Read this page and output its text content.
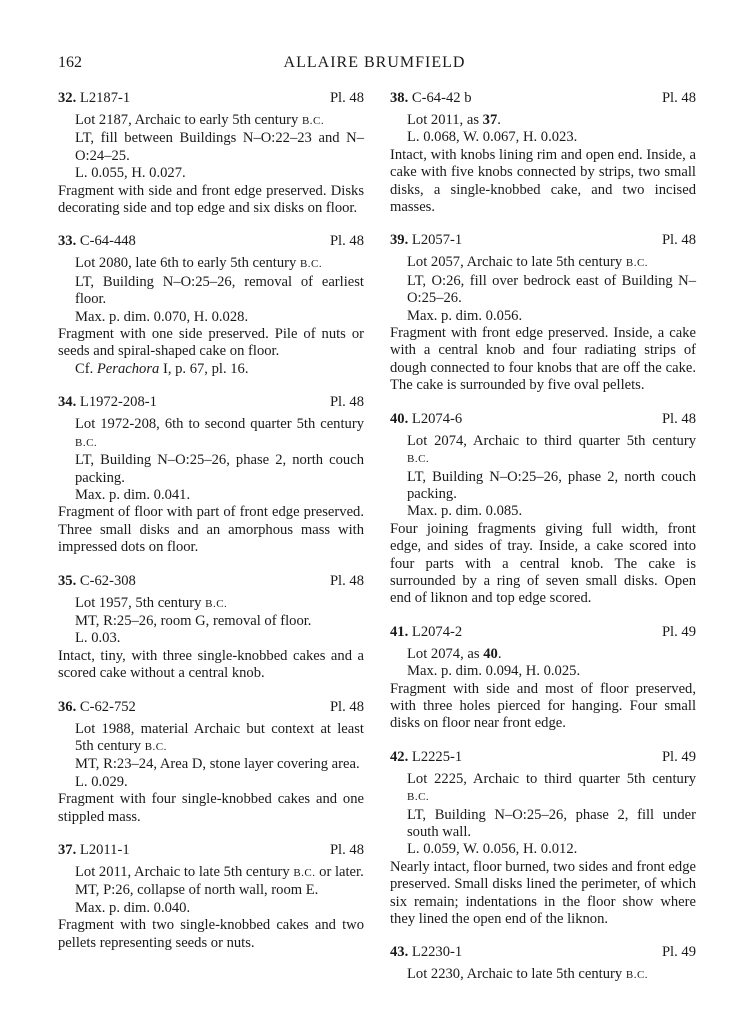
162	ALLAIRE BRUMFIELD
32. L2187-1	Pl. 48
Lot 2187, Archaic to early 5th century B.C.
LT, fill between Buildings N–O:22–23 and N–O:24–25.
L. 0.055, H. 0.027.
Fragment with side and front edge preserved. Disks decorating side and top edge and six disks on floor.
33. C-64-448	Pl. 48
Lot 2080, late 6th to early 5th century B.C.
LT, Building N–O:25–26, removal of earliest floor.
Max. p. dim. 0.070, H. 0.028.
Fragment with one side preserved. Pile of nuts or seeds and spiral-shaped cake on floor.
Cf. Perachora I, p. 67, pl. 16.
34. L1972-208-1	Pl. 48
Lot 1972-208, 6th to second quarter 5th century B.C.
LT, Building N–O:25–26, phase 2, north couch packing.
Max. p. dim. 0.041.
Fragment of floor with part of front edge preserved. Three small disks and an amorphous mass with impressed dots on floor.
35. C-62-308	Pl. 48
Lot 1957, 5th century B.C.
MT, R:25–26, room G, removal of floor.
L. 0.03.
Intact, tiny, with three single-knobbed cakes and a scored cake without a central knob.
36. C-62-752	Pl. 48
Lot 1988, material Archaic but context at least 5th century B.C.
MT, R:23–24, Area D, stone layer covering area.
L. 0.029.
Fragment with four single-knobbed cakes and one stippled mass.
37. L2011-1	Pl. 48
Lot 2011, Archaic to late 5th century B.C. or later.
MT, P:26, collapse of north wall, room E.
Max. p. dim. 0.040.
Fragment with two single-knobbed cakes and two pellets representing seeds or nuts.
38. C-64-42 b	Pl. 48
Lot 2011, as 37.
L. 0.068, W. 0.067, H. 0.023.
Intact, with knobs lining rim and open end. Inside, a cake with five knobs connected by strips, two small disks, a single-knobbed cake, and two incised masses.
39. L2057-1	Pl. 48
Lot 2057, Archaic to late 5th century B.C.
LT, O:26, fill over bedrock east of Building N–O:25–26.
Max. p. dim. 0.056.
Fragment with front edge preserved. Inside, a cake with a central knob and four radiating strips of dough connected to four knobs that are off the cake. The cake is surrounded by five oval pellets.
40. L2074-6	Pl. 48
Lot 2074, Archaic to third quarter 5th century B.C.
LT, Building N–O:25–26, phase 2, north couch packing.
Max. p. dim. 0.085.
Four joining fragments giving full width, front edge, and sides of tray. Inside, a cake scored into four parts with a central knob. The cake is surrounded by a ring of seven small disks. Open end of liknon and top edge scored.
41. L2074-2	Pl. 49
Lot 2074, as 40.
Max. p. dim. 0.094, H. 0.025.
Fragment with side and most of floor preserved, with three holes pierced for hanging. Four small disks on floor near front edge.
42. L2225-1	Pl. 49
Lot 2225, Archaic to third quarter 5th century B.C.
LT, Building N–O:25–26, phase 2, fill under south wall.
L. 0.059, W. 0.056, H. 0.012.
Nearly intact, floor burned, two sides and front edge preserved. Small disks lined the perimeter, of which six remain; indentations in the floor show where they lined the open end of the liknon.
43. L2230-1	Pl. 49
Lot 2230, Archaic to late 5th century B.C.
